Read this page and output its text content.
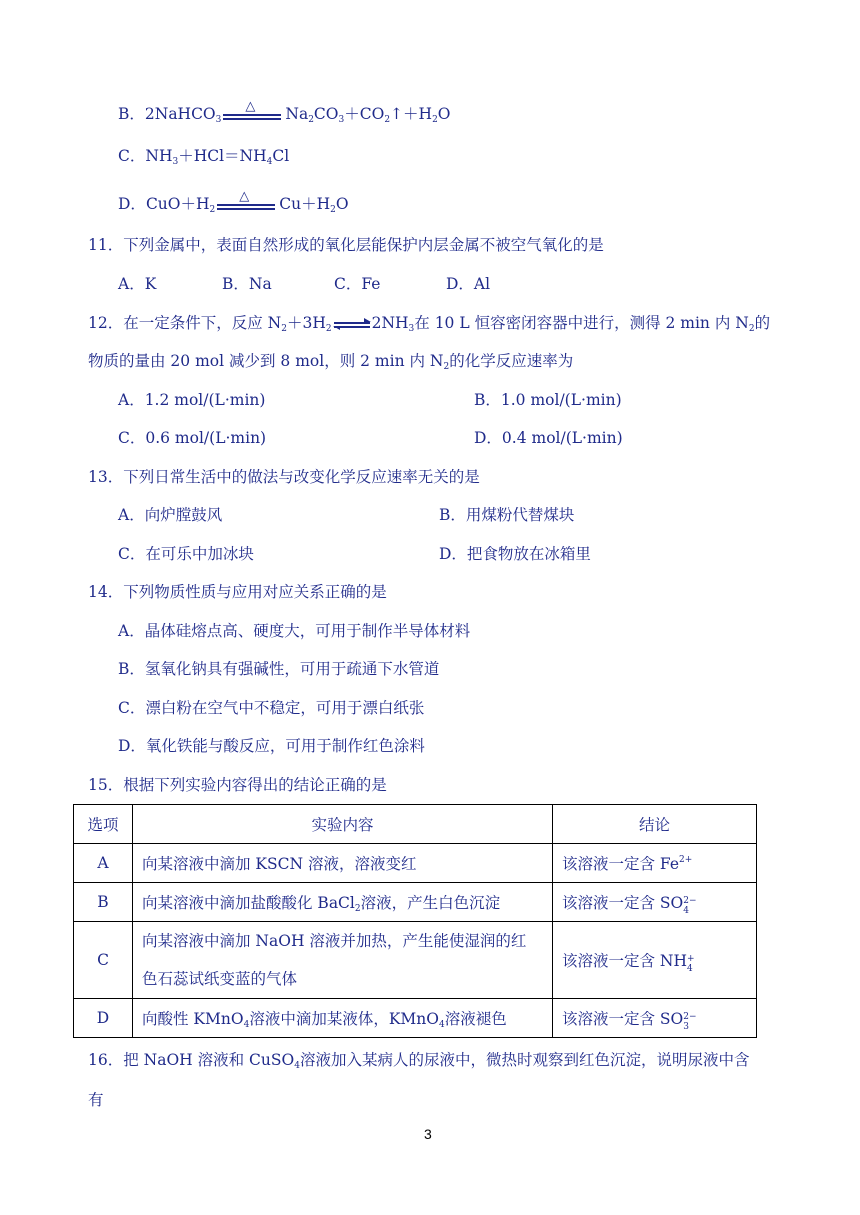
B．2NaHCO$_3$
△ $Na_2CO_3+CO_2↑+H_2O$
C．$NH_3+HCl=NH_4Cl$
D．$CuO+H_2$
△ $Cu+H_2O$
11．下列金属中，表面自然形成的氧化层能保护内层金属不被空气氧化的是
A．K	B．Na	C．Fe	D．Al
12．在一定条件下，反应 $N_2+3H_2$	$2NH_3$在 10 L 恒容密闭容器中进行，测得 2 min 内 $N_2$的
物质的量由 20 mol 减少到 8 mol，则 2 min 内 $N_2$的化学反应速率为
A．1.2 mol/(L·min)	B．1.0 mol/(L·min)
C．0.6 mol/(L·min)	D．0.4 mol/(L·min)
13．下列日常生活中的做法与改变化学反应速率无关的是
A．向炉膛鼓风	B．用煤粉代替煤块
C．在可乐中加冰块	D．把食物放在冰箱里
14．下列物质性质与应用对应关系正确的是
A．晶体硅熔点高、硬度大，可用于制作半导体材料
B．氢氧化钠具有强碱性，可用于疏通下水管道
C．漂白粉在空气中不稳定，可用于漂白纸张
D．氧化铁能与酸反应，可用于制作红色涂料
15．根据下列实验内容得出的结论正确的是
选项	实验内容	结论
A	向某溶液中滴加 KSCN 溶液，溶液变红	该溶液一定含 $Fe^{2+}$
B	向某溶液中滴加盐酸酸化 BaCl$_2$溶液，产生白色沉淀	该溶液一定含 SO 2−
4

C	向某溶液中滴加 NaOH 溶液并加热，产生能使湿润的红
色石蕊试纸变蓝的气体	该溶液一定含 NH +
4

D	向酸性 KMnO$_4$溶液中滴加某液体，KMnO$_4$溶液褪色	该溶液一定含 SO 2−
3
16．把 NaOH 溶液和 CuSO$_4$溶液加入某病人的尿液中，微热时观察到红色沉淀，说明尿液中含
有
3
